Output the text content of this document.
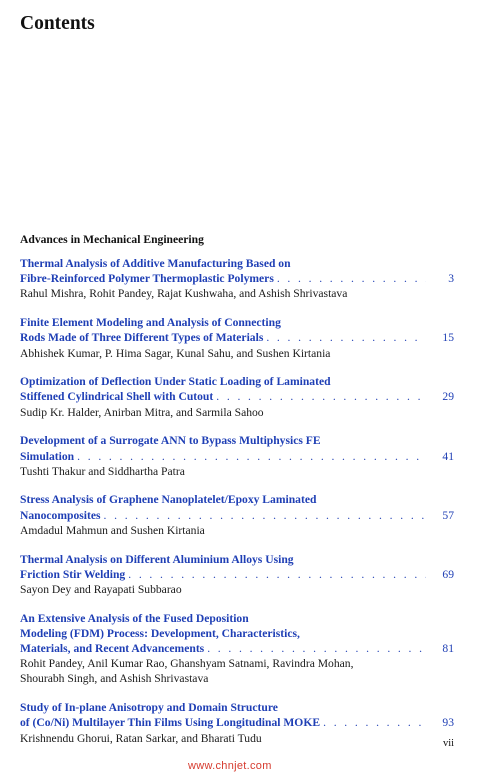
Contents
Advances in Mechanical Engineering
Thermal Analysis of Additive Manufacturing Based on
Fibre-Reinforced Polymer Thermoplastic Polymers . . .	3
Rahul Mishra, Rohit Pandey, Rajat Kushwaha, and Ashish Shrivastava
Finite Element Modeling and Analysis of Connecting
Rods Made of Three Different Types of Materials . . .	15
Abhishek Kumar, P. Hima Sagar, Kunal Sahu, and Sushen Kirtania
Optimization of Deflection Under Static Loading of Laminated
Stiffened Cylindrical Shell with Cutout . . .	29
Sudip Kr. Halder, Anirban Mitra, and Sarmila Sahoo
Development of a Surrogate ANN to Bypass Multiphysics FE
Simulation . . .	41
Tushti Thakur and Siddhartha Patra
Stress Analysis of Graphene Nanoplatelet/Epoxy Laminated
Nanocomposites . . .	57
Amdadul Mahmun and Sushen Kirtania
Thermal Analysis on Different Aluminium Alloys Using
Friction Stir Welding . . .	69
Sayon Dey and Rayapati Subbarao
An Extensive Analysis of the Fused Deposition
Modeling (FDM) Process: Development, Characteristics,
Materials, and Recent Advancements . . .	81
Rohit Pandey, Anil Kumar Rao, Ghanshyam Satnami, Ravindra Mohan,
Shourabh Singh, and Ashish Shrivastava
Study of In-plane Anisotropy and Domain Structure
of (Co/Ni) Multilayer Thin Films Using Longitudinal MOKE . . .	93
Krishnendu Ghorui, Ratan Sarkar, and Bharati Tudu	vii
www.chnjet.com
